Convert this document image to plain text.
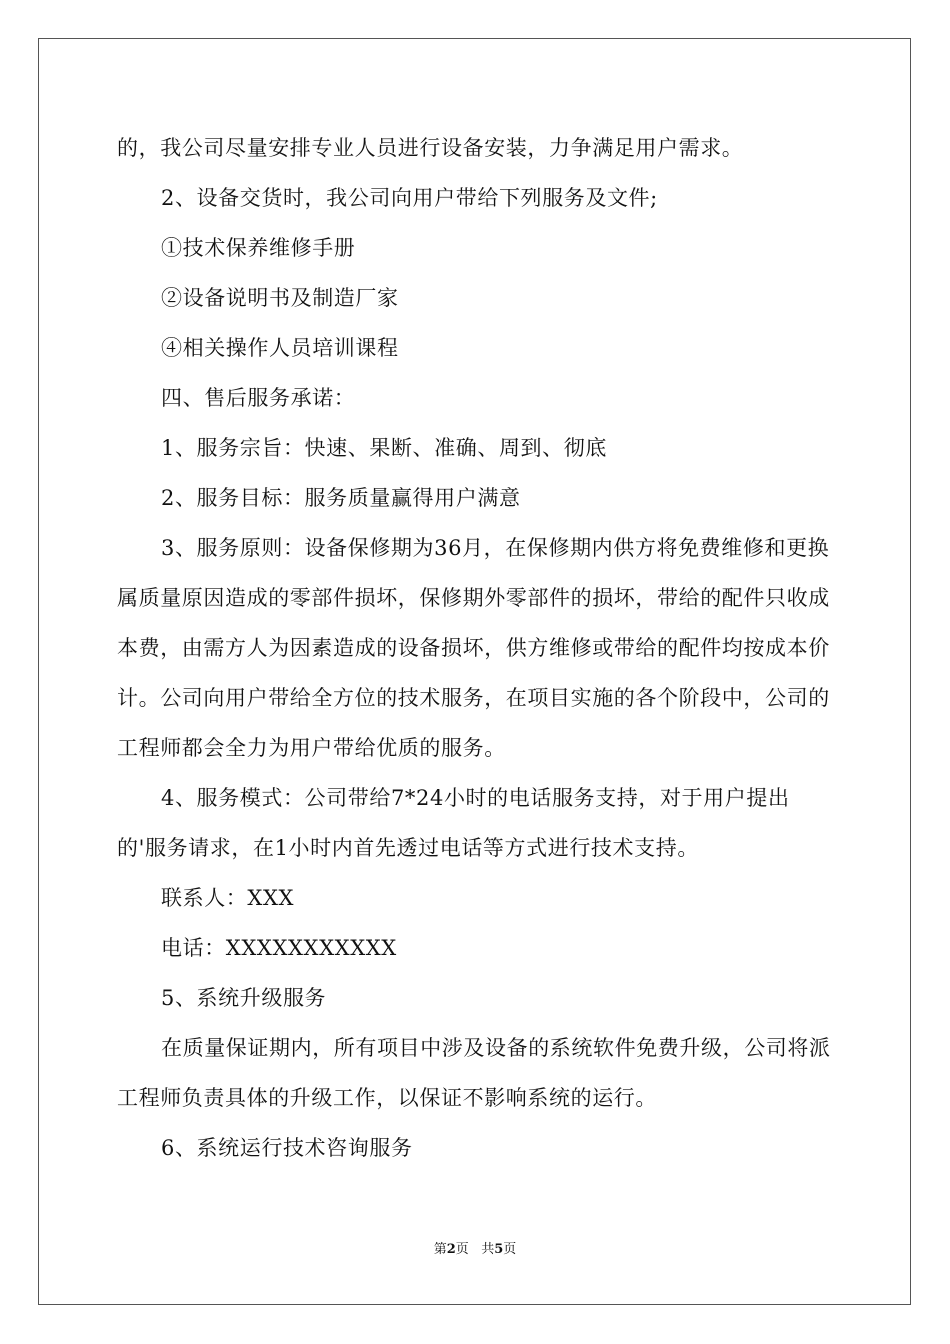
的，我公司尽量安排专业人员进行设备安装，力争满足用户需求。

2、设备交货时，我公司向用户带给下列服务及文件;

①技术保养维修手册

②设备说明书及制造厂家

④相关操作人员培训课程

四、售后服务承诺：

1、服务宗旨：快速、果断、准确、周到、彻底

2、服务目标：服务质量赢得用户满意

3、服务原则：设备保修期为36月，在保修期内供方将免费维修和更换属质量原因造成的零部件损坏，保修期外零部件的损坏，带给的配件只收成本费，由需方人为因素造成的设备损坏，供方维修或带给的配件均按成本价计。公司向用户带给全方位的技术服务，在项目实施的各个阶段中，公司的工程师都会全力为用户带给优质的服务。

4、服务模式：公司带给7*24小时的电话服务支持，对于用户提出的'服务请求，在1小时内首先透过电话等方式进行技术支持。

联系人：XXX

电话：XXXXXXXXXXX

5、系统升级服务

在质量保证期内，所有项目中涉及设备的系统软件免费升级，公司将派工程师负责具体的升级工作，以保证不影响系统的运行。

6、系统运行技术咨询服务

第2页 共5页
